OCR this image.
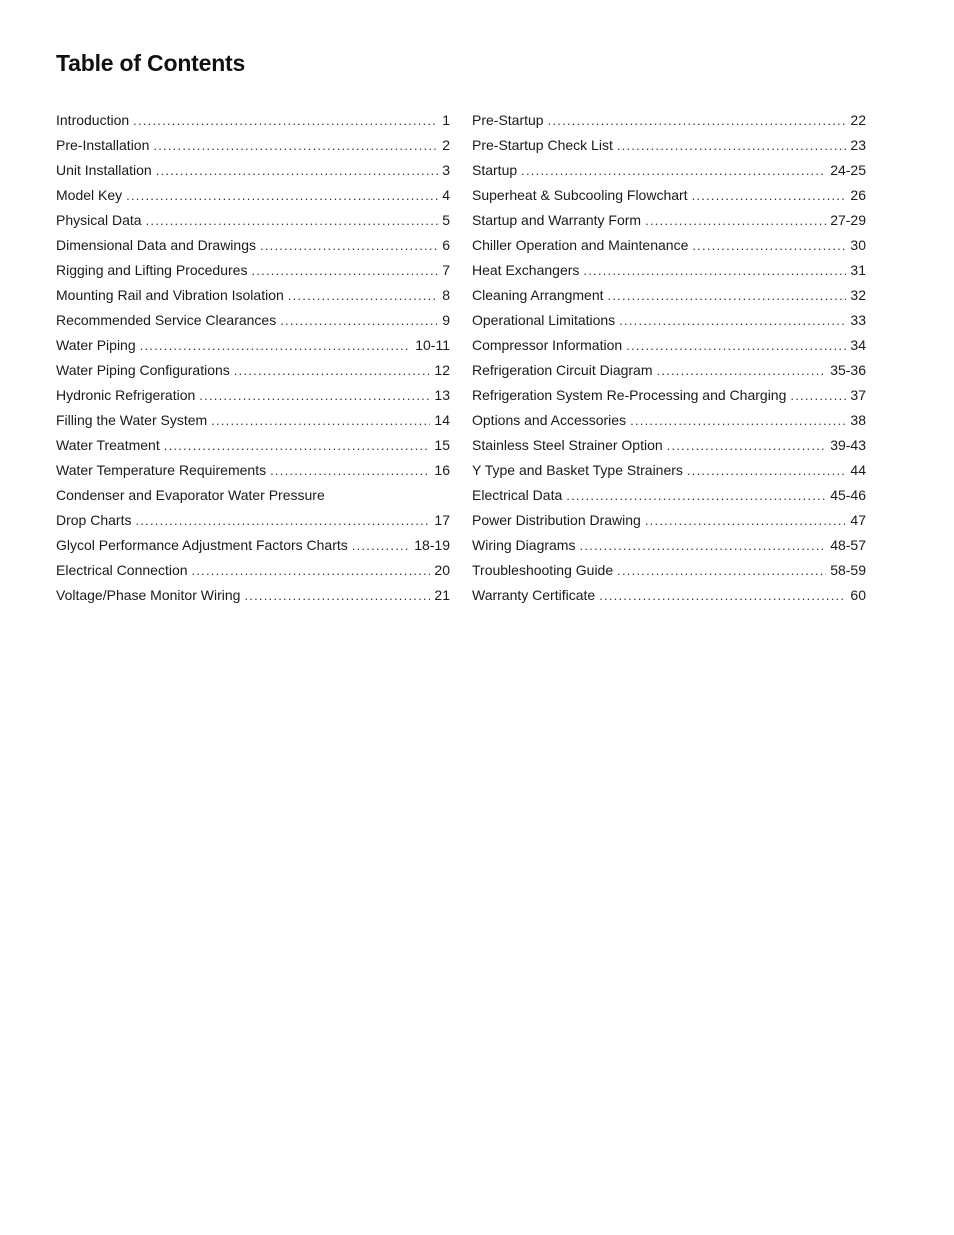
Table of Contents
Introduction . . .	1
Pre-Installation . . .	2
Unit Installation . . .	3
Model Key . . .	4
Physical Data . . .	5
Dimensional Data and Drawings . . .	6
Rigging and Lifting Procedures . . .	7
Mounting Rail and Vibration Isolation . . .	8
Recommended Service Clearances . . .	9
Water Piping . . .	10-11
Water Piping Configurations . . .	12
Hydronic Refrigeration . . .	13
Filling the Water System . . .	14
Water Treatment . . .	15
Water Temperature Requirements . . .	16
Condenser and Evaporator Water Pressure
Drop Charts . . .	17
Glycol Performance Adjustment Factors Charts . . .	18-19
Electrical Connection . . .	20
Voltage/Phase Monitor Wiring . . .	21
Pre-Startup . . .	22
Pre-Startup Check List . . .	23
Startup . . .	24-25
Superheat & Subcooling Flowchart . . .	26
Startup and Warranty Form . . .	27-29
Chiller Operation and Maintenance . . .	30
Heat Exchangers . . .	31
Cleaning Arrangment . . .	32
Operational Limitations . . .	33
Compressor Information . . .	34
Refrigeration Circuit Diagram . . .	35-36
Refrigeration System Re-Processing and Charging . . .	37
Options and Accessories . . .	38
Stainless Steel Strainer Option . . .	39-43
Y Type and Basket Type Strainers . . .	44
Electrical Data . . .	45-46
Power Distribution Drawing . . .	47
Wiring Diagrams . . .	48-57
Troubleshooting Guide . . .	58-59
Warranty Certificate . . .	60
